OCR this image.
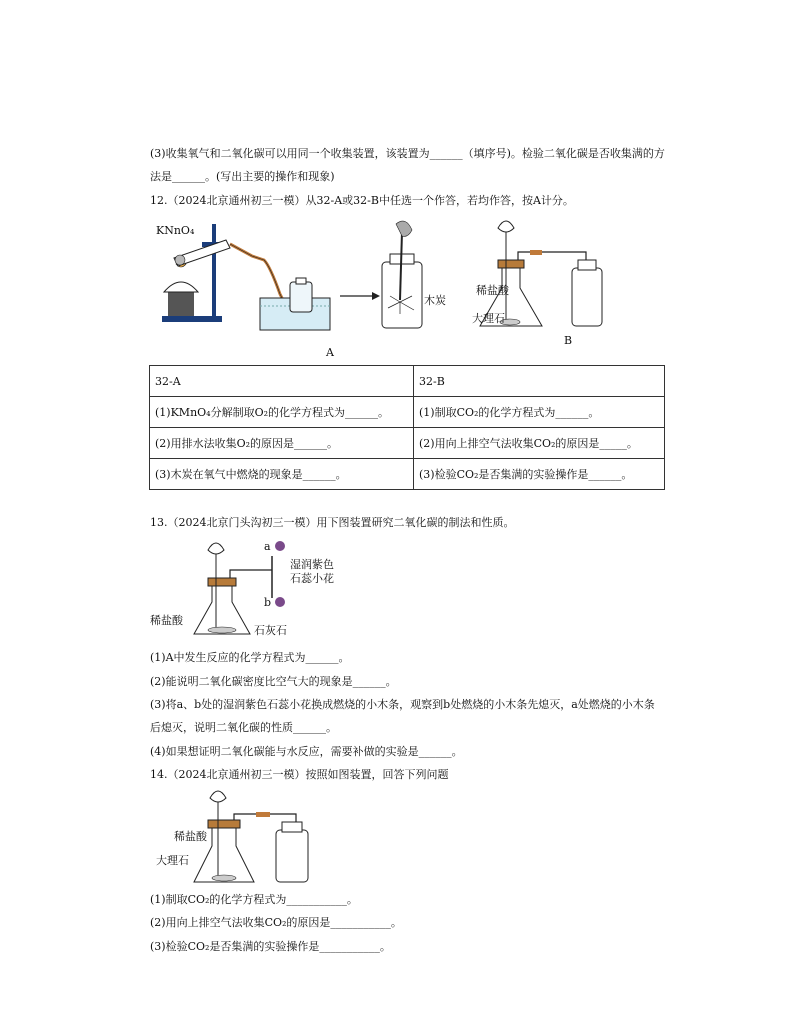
(3)收集氧气和二氧化碳可以用同一个收集装置，该装置为______（填序号)。检验二氧化碳是否收集满的方
法是______。(写出主要的操作和现象)
12.（2024北京通州初三一模）从32-A或32-B中任选一个作答，若均作答，按A计分。
KNnO₄
木炭
A
稀盐酸
大理石
B
32-A	32-B
(1)KMnO₄分解制取O₂的化学方程式为______。	(1)制取CO₂的化学方程式为______。
(2)用排水法收集O₂的原因是______。	(2)用向上排空气法收集CO₂的原因是_____。
(3)木炭在氧气中燃烧的现象是______。	(3)检验CO₂是否集满的实验操作是______。
13.（2024北京门头沟初三一模）用下图装置研究二氧化碳的制法和性质。
a
b
湿润紫色
石蕊小花
稀盐酸
石灰石
(1)A中发生反应的化学方程式为______。
(2)能说明二氧化碳密度比空气大的现象是______。
(3)将a、b处的湿润紫色石蕊小花换成燃烧的小木条，观察到b处燃烧的小木条先熄灭，a处燃烧的小木条
后熄灭，说明二氧化碳的性质______。
(4)如果想证明二氧化碳能与水反应，需要补做的实验是______。
14.（2024北京通州初三一模）按照如图装置，回答下列问题
稀盐酸
大理石
(1)制取CO₂的化学方程式为___________。
(2)用向上排空气法收集CO₂的原因是___________。
(3)检验CO₂是否集满的实验操作是___________。
